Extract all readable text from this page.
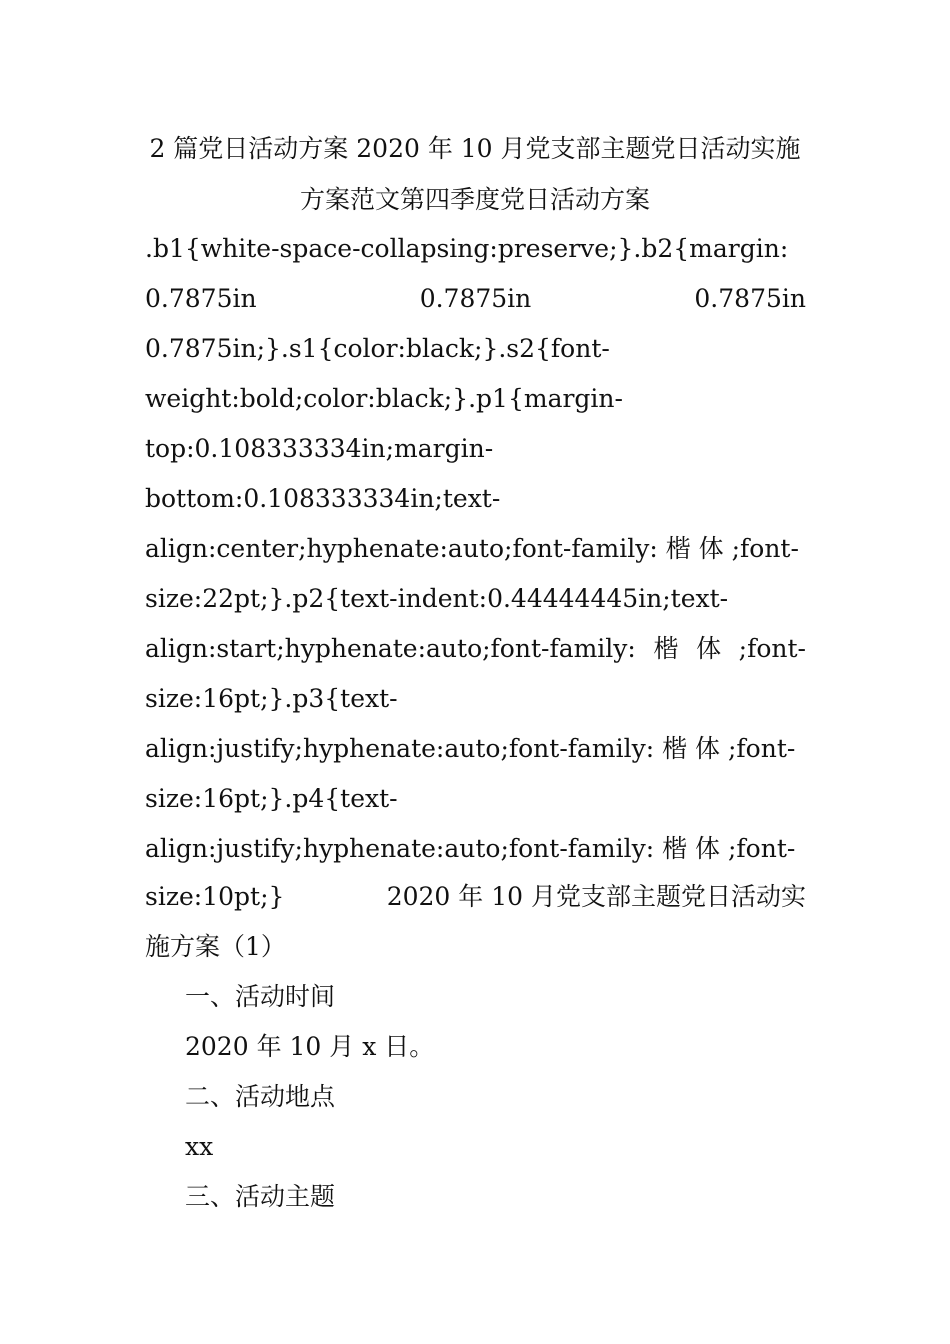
2 篇党日活动方案 2020 年 10 月党支部主题党日活动实施
方案范文第四季度党日活动方案
.b1{white-space-collapsing:preserve;}.b2{margin:
0.7875in	0.7875in	0.7875in
0.7875in;}.s1{color:black;}.s2{font-
weight:bold;color:black;}.p1{margin-
top:0.108333334in;margin-
bottom:0.108333334in;text-
align:center;hyphenate:auto;font-family: 楷 体 ;font-
size:22pt;}.p2{text-indent:0.44444445in;text-
align:start;hyphenate:auto;font-family: 楷 体 ;font-
size:16pt;}.p3{text-
align:justify;hyphenate:auto;font-family: 楷 体 ;font-
size:16pt;}.p4{text-
align:justify;hyphenate:auto;font-family: 楷 体 ;font-
size:10pt;}	2020 年 10 月党支部主题党日活动实
施方案（1）
一、活动时间
2020 年 10 月 x 日。
二、活动地点
xx
三、活动主题
